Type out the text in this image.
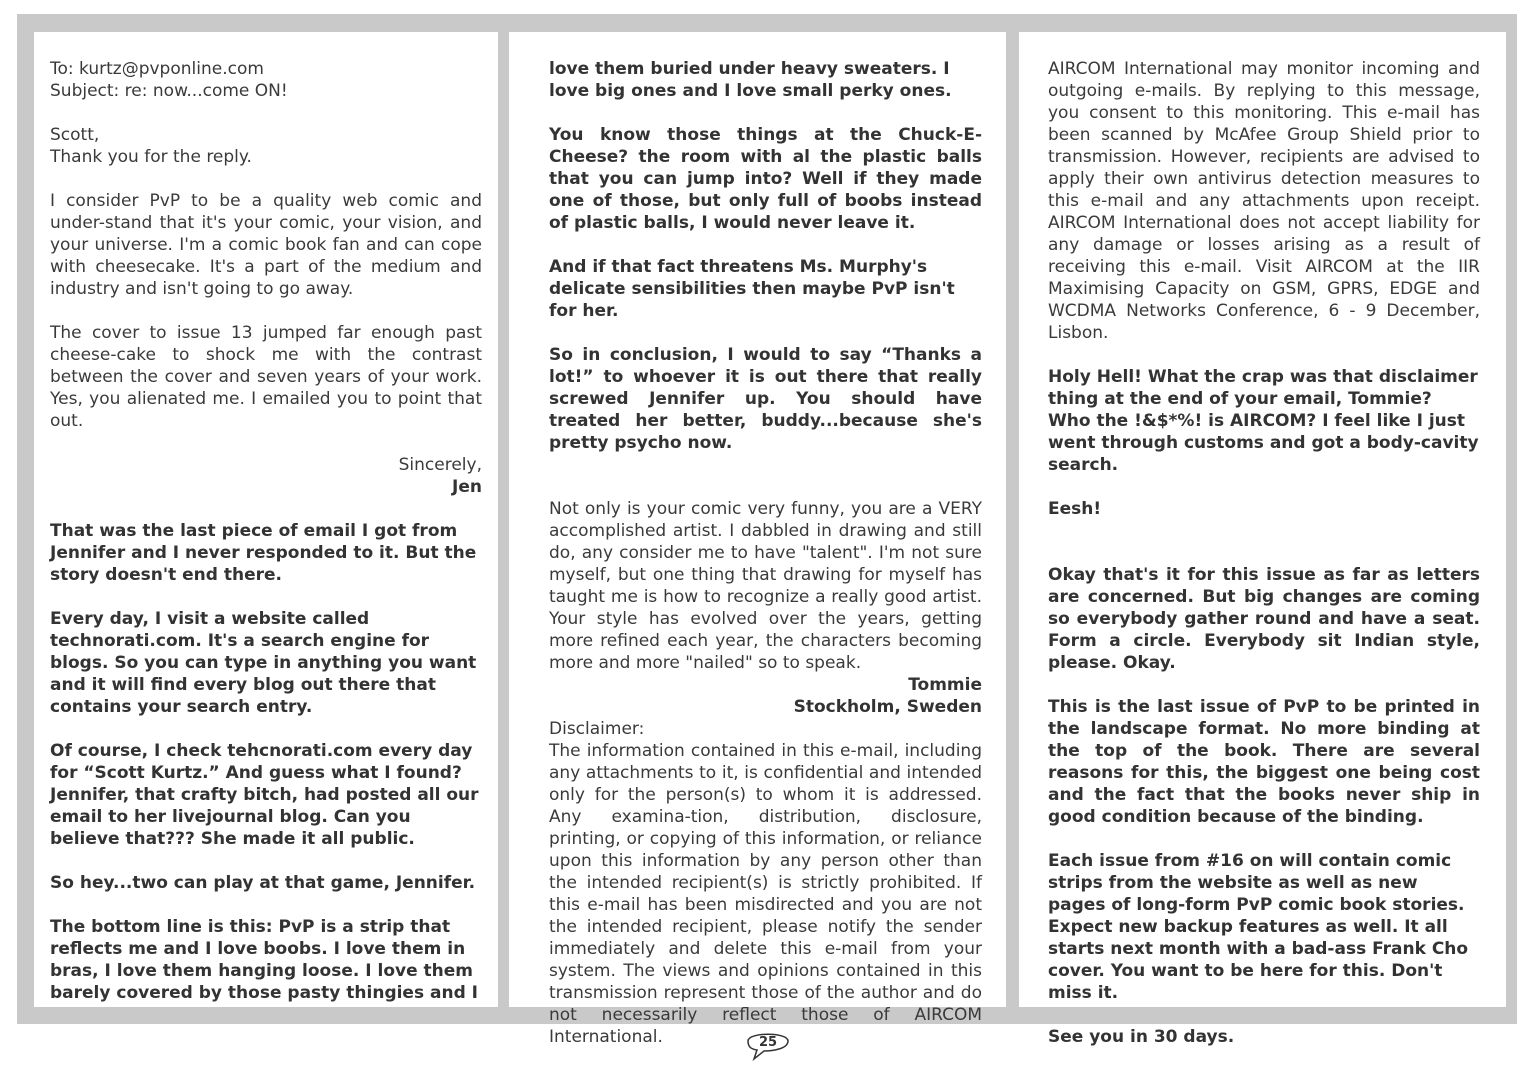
To: kurtz@pvponline.com
Subject: re: now...come ON!

Scott,
Thank you for the reply.

I consider PvP to be a quality web comic and under-stand that it's your comic, your vision, and your universe. I'm a comic book fan and can cope with cheesecake. It's a part of the medium and industry and isn't going to go away.

The cover to issue 13 jumped far enough past cheese-cake to shock me with the contrast between the cover and seven years of your work. Yes, you alienated me. I emailed you to point that out.

Sincerely,
Jen

That was the last piece of email I got from Jennifer and I never responded to it. But the story doesn't end there.

Every day, I visit a website called technorati.com. It's a search engine for blogs. So you can type in anything you want and it will find every blog out there that contains your search entry.

Of course, I check tehcnorati.com every day for “Scott Kurtz.” And guess what I found? Jennifer, that crafty bitch, had posted all our email to her livejournal blog. Can you believe that??? She made it all public.

So hey...two can play at that game, Jennifer.

The bottom line is this: PvP is a strip that reflects me and I love boobs. I love them in bras, I love them hanging loose. I love them barely covered by those pasty thingies and I

love them buried under heavy sweaters. I love big ones and I love small perky ones.

You know those things at the Chuck-E-Cheese? the room with al the plastic balls that you can jump into? Well if they made one of those, but only full of boobs instead of plastic balls, I would never leave it.

And if that fact threatens Ms. Murphy's delicate sensibilities then maybe PvP isn't for her.

So in conclusion, I would to say “Thanks a lot!” to whoever it is out there that really screwed Jennifer up. You should have treated her better, buddy...because she's pretty psycho now.

Not only is your comic very funny, you are a VERY accomplished artist. I dabbled in drawing and still do, any consider me to have "talent". I'm not sure myself, but one thing that drawing for myself has taught me is how to recognize a really good artist. Your style has evolved over the years, getting more refined each year, the characters becoming more and more "nailed" so to speak.

Tommie
Stockholm, Sweden

Disclaimer:

The information contained in this e-mail, including any attachments to it, is confidential and intended only for the person(s) to whom it is addressed. Any examina-tion, distribution, disclosure, printing, or copying of this information, or reliance upon this information by any person other than the intended recipient(s) is strictly prohibited. If this e-mail has been misdirected and you are not the intended recipient, please notify the sender immediately and delete this e-mail from your system. The views and opinions contained in this transmission represent those of the author and do not necessarily reflect those of AIRCOM International.

AIRCOM International may monitor incoming and outgoing e-mails. By replying to this message, you consent to this monitoring. This e-mail has been scanned by McAfee Group Shield prior to transmission. However, recipients are advised to apply their own antivirus detection measures to this e-mail and any attachments upon receipt. AIRCOM International does not accept liability for any damage or losses arising as a result of receiving this e-mail. Visit AIRCOM at the IIR Maximising Capacity on GSM, GPRS, EDGE and WCDMA Networks Conference, 6 - 9 December, Lisbon.

Holy Hell! What the crap was that disclaimer thing at the end of your email, Tommie? Who the !&$*%! is AIRCOM? I feel like I just went through customs and got a body-cavity search.

Eesh!

Okay that's it for this issue as far as letters are concerned. But big changes are coming so everybody gather round and have a seat. Form a circle. Everybody sit Indian style, please. Okay.

This is the last issue of PvP to be printed in the landscape format. No more binding at the top of the book. There are several reasons for this, the biggest one being cost and the fact that the books never ship in good condition because of the binding.

Each issue from #16 on will contain comic strips from the website as well as new pages of long-form PvP comic book stories. Expect new backup features as well. It all starts next month with a bad-ass Frank Cho cover. You want to be here for this. Don't miss it.

See you in 30 days.

25
